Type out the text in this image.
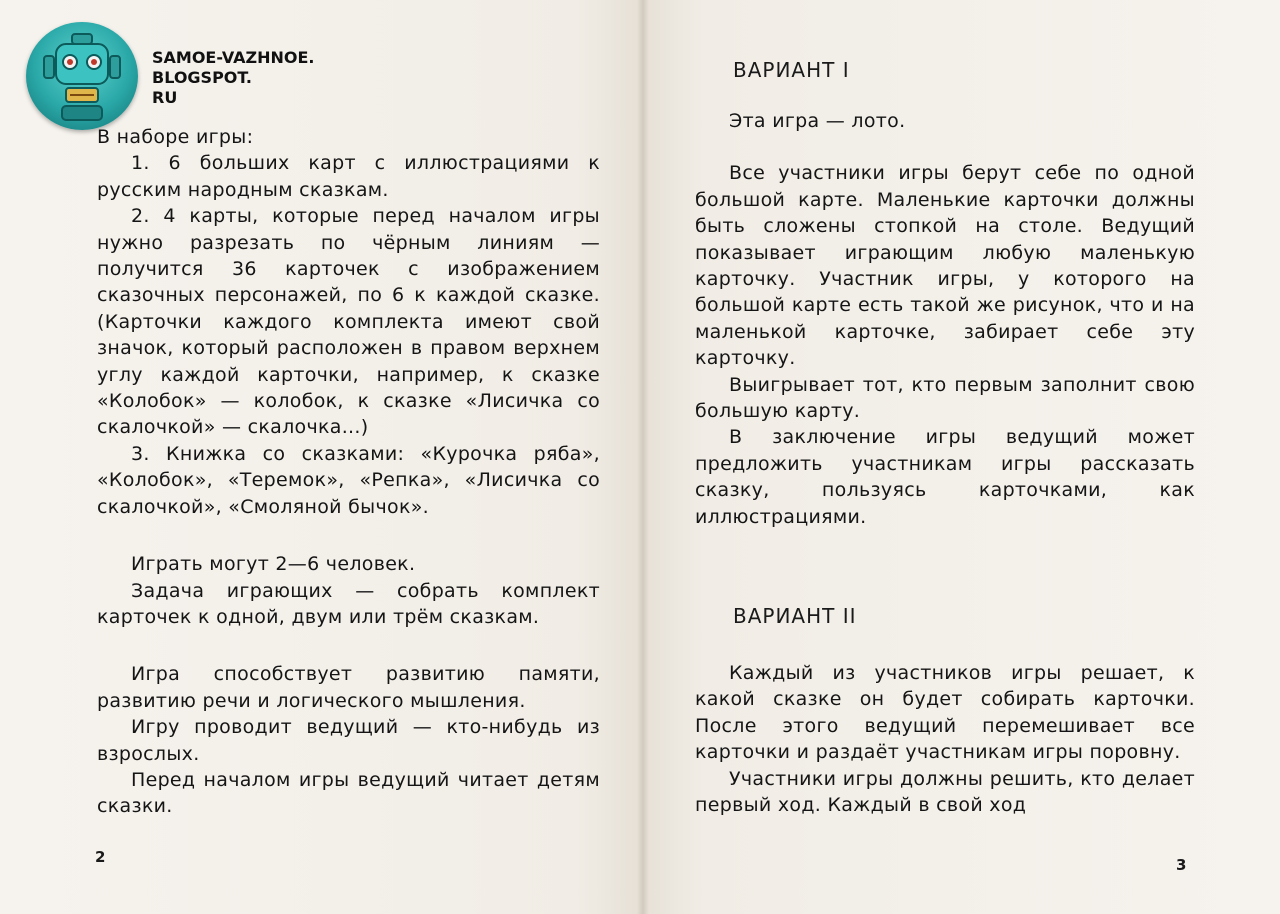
SAMOE-VAZHNOE.
BLOGSPOT.
RU

В наборе игры:

1. 6 больших карт с иллюстрациями к русским народным сказкам.

2. 4 карты, которые перед началом игры нужно разрезать по чёрным линиям — получится 36 карточек с изображением сказочных персонажей, по 6 к каждой сказке. (Карточки каждого комплекта имеют свой значок, который расположен в правом верхнем углу каждой карточки, например, к сказке «Колобок» — колобок, к сказке «Лисичка со скалочкой» — скалочка...)

3. Книжка со сказками: «Курочка ряба», «Колобок», «Теремок», «Репка», «Лисичка со скалочкой», «Смоляной бычок».

Играть могут 2—6 человек.

Задача играющих — собрать комплект карточек к одной, двум или трём сказкам.

Игра способствует развитию памяти, развитию речи и логического мышления.

Игру проводит ведущий — кто-нибудь из взрослых.

Перед началом игры ведущий читает детям сказки.

2
ВАРИАНТ I

Эта игра — лото.

Все участники игры берут себе по одной большой карте. Маленькие карточки должны быть сложены стопкой на столе. Ведущий показывает играющим любую маленькую карточку. Участник игры, у которого на большой карте есть такой же рисунок, что и на маленькой карточке, забирает себе эту карточку.

Выигрывает тот, кто первым заполнит свою большую карту.

В заключение игры ведущий может предложить участникам игры рассказать сказку, пользуясь карточками, как иллюстрациями.

ВАРИАНТ II

Каждый из участников игры решает, к какой сказке он будет собирать карточки. После этого ведущий перемешивает все карточки и раздаёт участникам игры поровну.

Участники игры должны решить, кто делает первый ход. Каждый в свой ход

3
